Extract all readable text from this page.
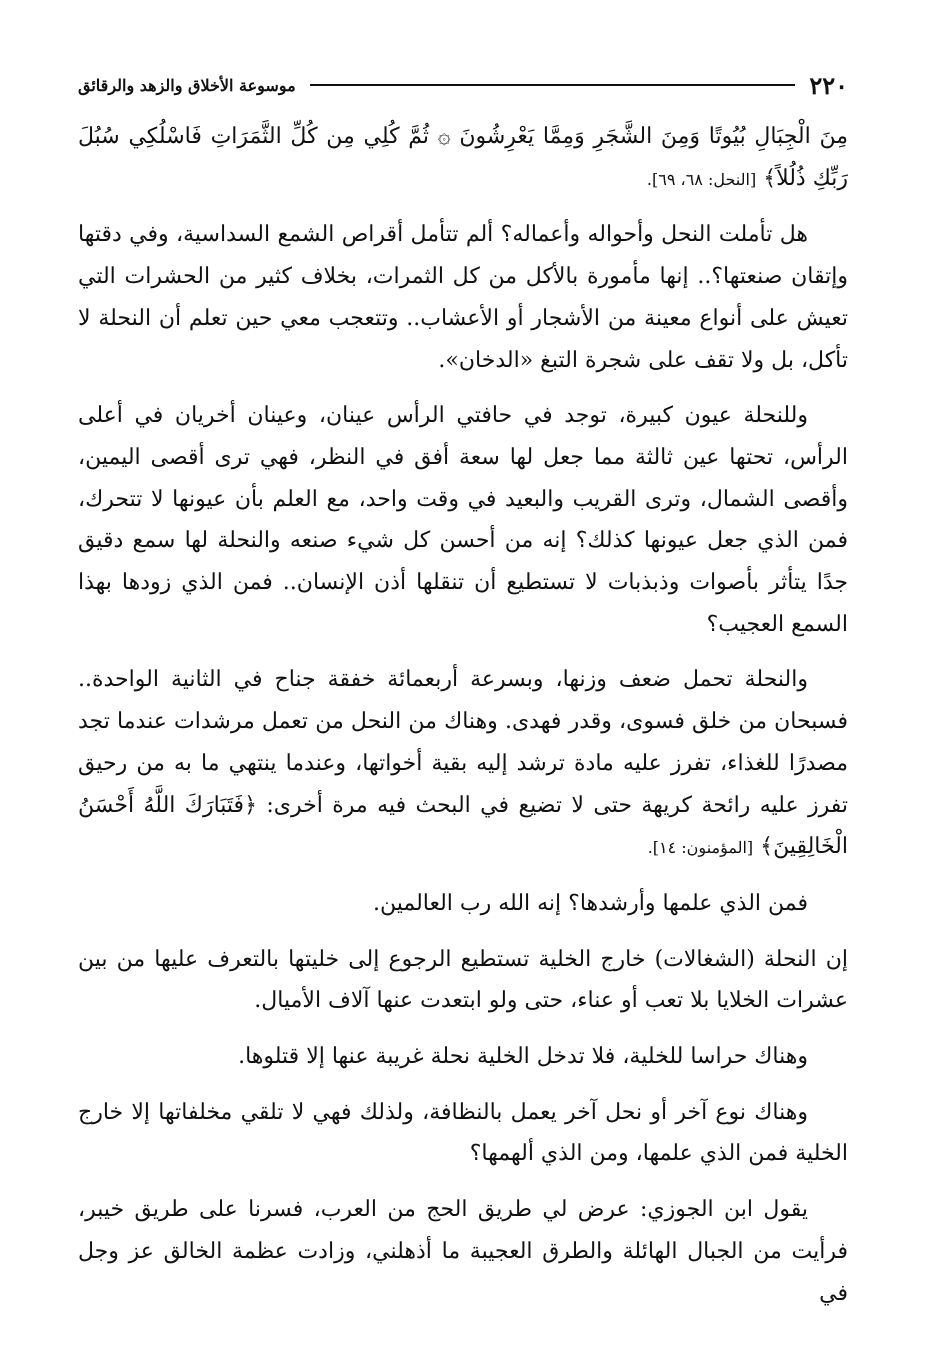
٢٢٠
موسوعة الأخلاق والزهد والرقائق

مِنَ الْجِبَالِ بُيُوتًا وَمِنَ الشَّجَرِ وَمِمَّا يَعْرِشُونَ ۞ ثُمَّ كُلِي مِن كُلِّ الثَّمَرَاتِ فَاسْلُكِي سُبُلَ رَبِّكِ ذُلُلاً﴾ [النحل: ٦٨، ٦٩].

هل تأملت النحل وأحواله وأعماله؟ ألم تتأمل أقراص الشمع السداسية، وفي دقتها وإتقان صنعتها؟.. إنها مأمورة بالأكل من كل الثمرات، بخلاف كثير من الحشرات التي تعيش على أنواع معينة من الأشجار أو الأعشاب.. وتتعجب معي حين تعلم أن النحلة لا تأكل، بل ولا تقف على شجرة التبغ «الدخان».

وللنحلة عيون كبيرة، توجد في حافتي الرأس عينان، وعينان أخريان في أعلى الرأس، تحتها عين ثالثة مما جعل لها سعة أفق في النظر، فهي ترى أقصى اليمين، وأقصى الشمال، وترى القريب والبعيد في وقت واحد، مع العلم بأن عيونها لا تتحرك، فمن الذي جعل عيونها كذلك؟ إنه من أحسن كل شيء صنعه والنحلة لها سمع دقيق جدًا يتأثر بأصوات وذبذبات لا تستطيع أن تنقلها أذن الإنسان.. فمن الذي زودها بهذا السمع العجيب؟

والنحلة تحمل ضعف وزنها، وبسرعة أربعمائة خفقة جناح في الثانية الواحدة.. فسبحان من خلق فسوى، وقدر فهدى. وهناك من النحل من تعمل مرشدات عندما تجد مصدرًا للغذاء، تفرز عليه مادة ترشد إليه بقية أخواتها، وعندما ينتهي ما به من رحيق تفرز عليه رائحة كريهة حتى لا تضيع في البحث فيه مرة أخرى: ﴿فَتَبَارَكَ اللَّهُ أَحْسَنُ الْخَالِقِينَ﴾ [المؤمنون: ١٤].

فمن الذي علمها وأرشدها؟ إنه الله رب العالمين.

إن النحلة (الشغالات) خارج الخلية تستطيع الرجوع إلى خليتها بالتعرف عليها من بين عشرات الخلايا بلا تعب أو عناء، حتى ولو ابتعدت عنها آلاف الأميال.

وهناك حراسا للخلية، فلا تدخل الخلية نحلة غريبة عنها إلا قتلوها.

وهناك نوع آخر أو نحل آخر يعمل بالنظافة، ولذلك فهي لا تلقي مخلفاتها إلا خارج الخلية فمن الذي علمها، ومن الذي ألهمها؟

يقول ابن الجوزي: عرض لي طريق الحج من العرب، فسرنا على طريق خيبر، فرأيت من الجبال الهائلة والطرق العجيبة ما أذهلني، وزادت عظمة الخالق عز وجل في
